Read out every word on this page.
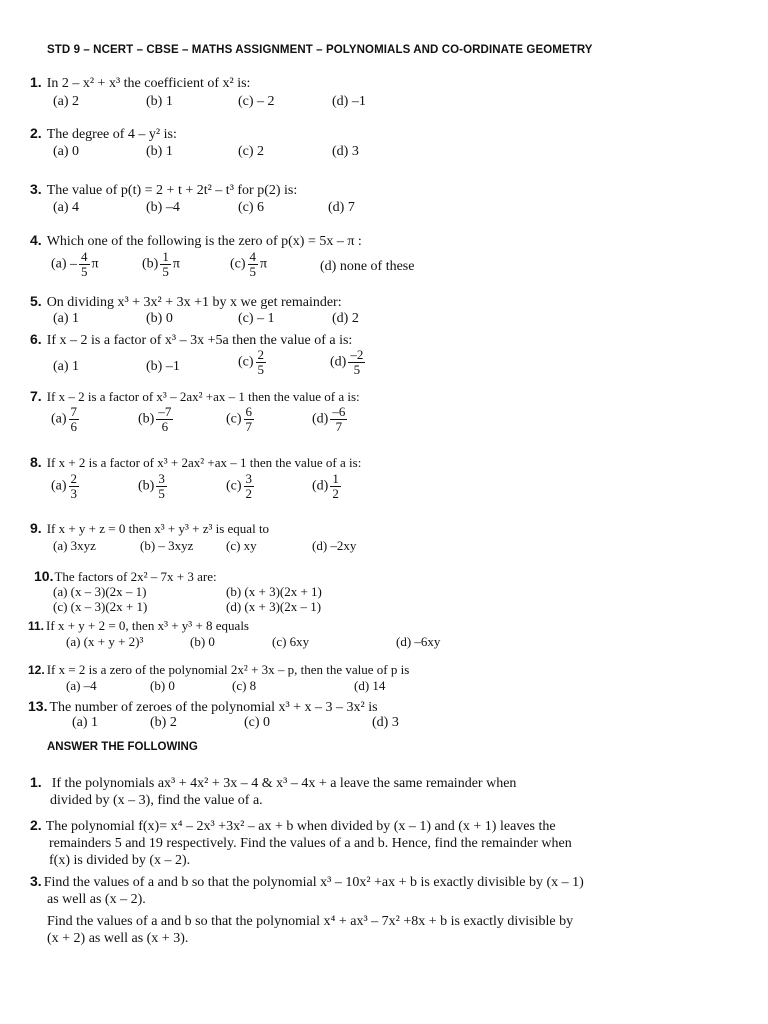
STD 9 – NCERT – CBSE – MATHS ASSIGNMENT – POLYNOMIALS AND CO-ORDINATE GEOMETRY
1. In 2 – x² + x³ the coefficient of x² is:
(a) 2	(b) 1	(c) – 2	(d) –1
2. The degree of 4 – y² is:
(a) 0	(b) 1	(c) 2	(d) 3
3. The value of p(t) = 2 + t + 2t² – t³ for p(2) is:
(a) 4	(b) –4	(c) 6	(d) 7
4. Which one of the following is the zero of p(x) = 5x – π :
$(a) - \frac{4}{5}$ π	$(b) \frac{1}{5}$ π	$(c) \frac{4}{5}$ π	(d) none of these
5. On dividing x³ + 3x² + 3x +1 by x we get remainder:
(a) 1	(b) 0	(c) – 1	(d) 2
6. If x – 2 is a factor of x³ – 3x +5a then the value of a is:
(a) 1	(b) –1	$(c) \frac{2}{5}$	$(d) \frac{-2}{5}$
7. If x – 2 is a factor of x³ – 2ax² +ax – 1 then the value of a is:
$(a) \frac{7}{6}$	$(b) \frac{-7}{6}$	$(c) \frac{6}{7}$	$(d) \frac{-6}{7}$
8. If x + 2 is a factor of x³ + 2ax² +ax – 1 then the value of a is:
$(a) \frac{2}{3}$	$(b) \frac{3}{5}$	$(c) \frac{3}{2}$	$(d) \frac{1}{2}$
9. If x + y + z = 0 then x³ + y³ + z³ is equal to
(a) 3xyz	(b) – 3xyz	(c) xy	(d) –2xy
10.The factors of 2x² – 7x + 3 are:
(a) (x – 3)(2x – 1)	(b) (x + 3)(2x + 1)
(c) (x – 3)(2x + 1)	(d) (x + 3)(2x – 1)
11. If x + y + 2 = 0, then x³ + y³ + 8 equals
(a) (x + y + 2)³	(b) 0	(c) 6xy	(d) –6xy
12. If x = 2 is a zero of the polynomial 2x² + 3x – p, then the value of p is
(a) –4	(b) 0	(c) 8	(d) 14
13. The number of zeroes of the polynomial x³ + x – 3 – 3x² is
(a) 1	(b) 2	(c) 0	(d) 3
ANSWER THE FOLLOWING
1. If the polynomials ax³ + 4x² + 3x – 4 & x³ – 4x + a leave the same remainder when
divided by (x – 3), find the value of a.
2. The polynomial f(x)= x⁴ – 2x³ +3x² – ax + b when divided by (x – 1) and (x + 1) leaves the
remainders 5 and 19 respectively. Find the values of a and b. Hence, find the remainder when
f(x) is divided by (x – 2).
3. Find the values of a and b so that the polynomial x³ – 10x² +ax + b is exactly divisible by (x – 1)
as well as (x – 2).
Find the values of a and b so that the polynomial x⁴ + ax³ – 7x² +8x + b is exactly divisible by
(x + 2) as well as (x + 3).
